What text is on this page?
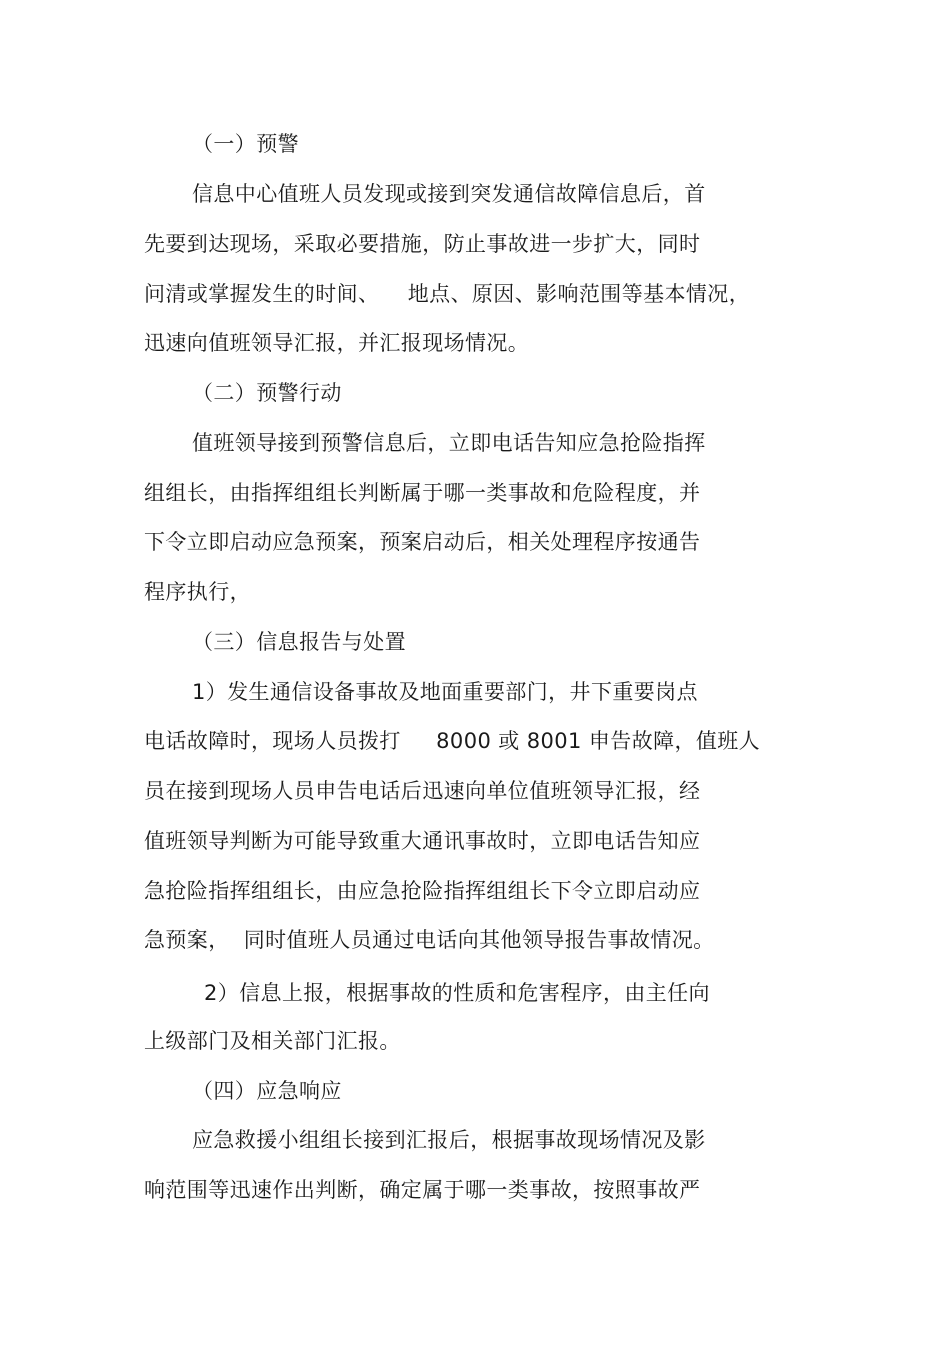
（一）预警
信息中心值班人员发现或接到突发通信故障信息后，首
先要到达现场，采取必要措施，防止事故进一步扩大，同时
问清或掌握发生的时间、    地点、原因、影响范围等基本情况，
迅速向值班领导汇报，并汇报现场情况。
（二）预警行动
值班领导接到预警信息后，立即电话告知应急抢险指挥
组组长，由指挥组组长判断属于哪一类事故和危险程度，并
下令立即启动应急预案，预案启动后，相关处理程序按通告
程序执行，
（三）信息报告与处置
1）发生通信设备事故及地面重要部门，井下重要岗点
电话故障时，现场人员拨打     8000 或 8001 申告故障，值班人
员在接到现场人员申告电话后迅速向单位值班领导汇报，经
值班领导判断为可能导致重大通讯事故时，立即电话告知应
急抢险指挥组组长，由应急抢险指挥组组长下令立即启动应
急预案，  同时值班人员通过电话向其他领导报告事故情况。
2）信息上报，根据事故的性质和危害程序，由主任向
上级部门及相关部门汇报。
（四）应急响应
应急救援小组组长接到汇报后，根据事故现场情况及影
响范围等迅速作出判断，确定属于哪一类事故，按照事故严
